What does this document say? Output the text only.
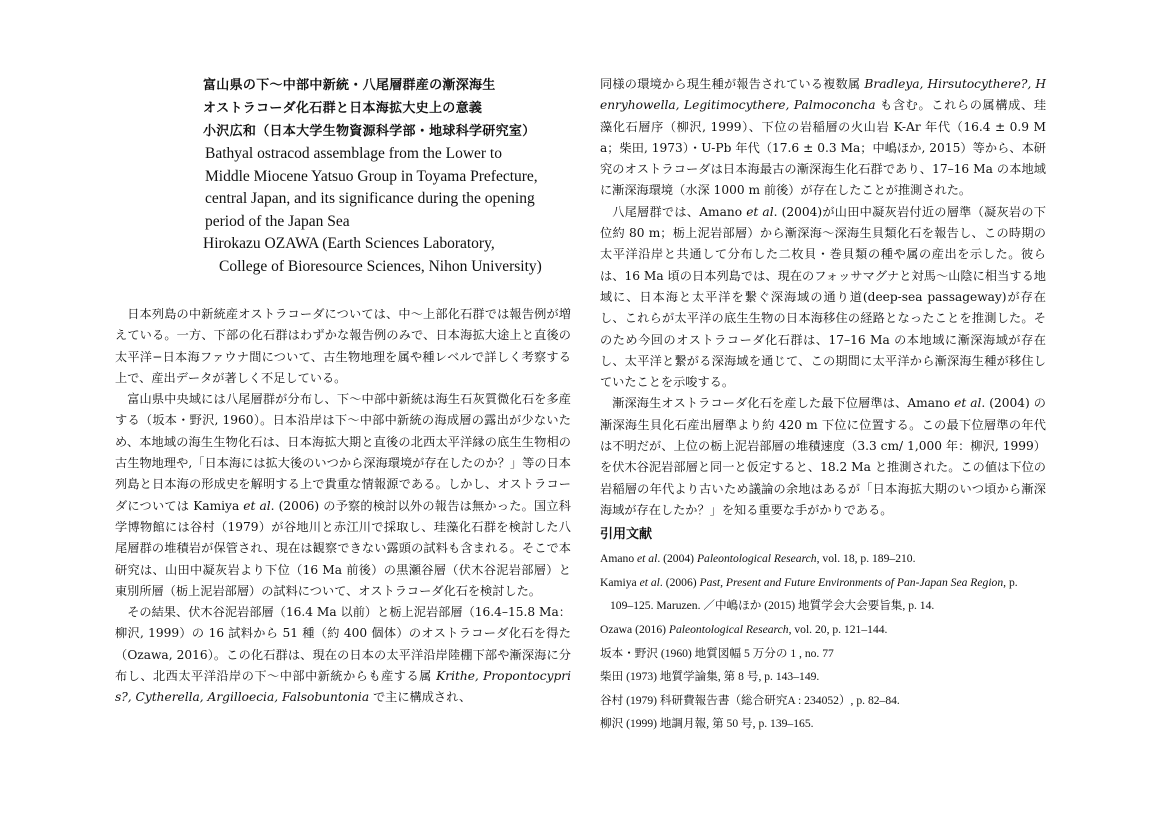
富山県の下〜中部中新統・八尾層群産の漸深海生
オストラコーダ化石群と日本海拡大史上の意義
小沢広和（日本大学生物資源科学部・地球科学研究室）
Bathyal ostracod assemblage from the Lower to
Middle Miocene Yatsuo Group in Toyama Prefecture,
central Japan, and its significance during the opening
period of the Japan Sea
Hirokazu OZAWA (Earth Sciences Laboratory,
College of Bioresource Sciences, Nihon University)

日本列島の中新統産オストラコーダについては、中〜上部化石群では報告例が増えている。一方、下部の化石群はわずかな報告例のみで、日本海拡大途上と直後の太平洋−日本海ファウナ間について、古生物地理を属や種レベルで詳しく考察する上で、産出データが著しく不足している。

富山県中央域には八尾層群が分布し、下〜中部中新統は海生石灰質微化石を多産する（坂本・野沢, 1960）。日本沿岸は下〜中部中新統の海成層の露出が少ないため、本地域の海生生物化石は、日本海拡大期と直後の北西太平洋縁の底生生物相の古生物地理や,「日本海には拡大後のいつから深海環境が存在したのか？」等の日本列島と日本海の形成史を解明する上で貴重な情報源である。しかし、オストラコーダについては Kamiya et al. (2006) の予察的検討以外の報告は無かった。国立科学博物館には谷村（1979）が谷地川と赤江川で採取し、珪藻化石群を検討した八尾層群の堆積岩が保管され、現在は観察できない露頭の試料も含まれる。そこで本研究は、山田中凝灰岩より下位（16 Ma 前後）の黒瀬谷層（伏木谷泥岩部層）と東別所層（栃上泥岩部層）の試料について、オストラコーダ化石を検討した。

その結果、伏木谷泥岩部層（16.4 Ma 以前）と栃上泥岩部層（16.4–15.8 Ma：柳沢, 1999）の 16 試料から 51 種（約 400 個体）のオストラコーダ化石を得た（Ozawa, 2016）。この化石群は、現在の日本の太平洋沿岸陸棚下部や漸深海に分布し、北西太平洋沿岸の下〜中部中新統からも産する属 Krithe, Propontocypris?, Cytherella, Argilloecia, Falsobuntonia で主に構成され、

同様の環境から現生種が報告されている複数属 Bradleya, Hirsutocythere?, Henryhowella, Legitimocythere, Palmoconcha も含む。これらの属構成、珪藻化石層序（柳沢, 1999）、下位の岩稲層の火山岩 K-Ar 年代（16.4 ± 0.9 Ma；柴田, 1973）・U-Pb 年代（17.6 ± 0.3 Ma；中嶋ほか, 2015）等から、本研究のオストラコーダは日本海最古の漸深海生化石群であり、17–16 Ma の本地域に漸深海環境（水深 1000 m 前後）が存在したことが推測された。

八尾層群では、Amano et al. (2004)が山田中凝灰岩付近の層準（凝灰岩の下位約 80 m；栃上泥岩部層）から漸深海〜深海生貝類化石を報告し、この時期の太平洋沿岸と共通して分布した二枚貝・巻貝類の種や属の産出を示した。彼らは、16 Ma 頃の日本列島では、現在のフォッサマグナと対馬〜山陰に相当する地域に、日本海と太平洋を繋ぐ深海域の通り道(deep-sea passageway)が存在し、これらが太平洋の底生生物の日本海移住の経路となったことを推測した。そのため今回のオストラコーダ化石群は、17–16 Ma の本地域に漸深海域が存在し、太平洋と繋がる深海域を通じて、この期間に太平洋から漸深海生種が移住していたことを示唆する。

漸深海生オストラコーダ化石を産した最下位層準は、Amano et al. (2004) の漸深海生貝化石産出層準より約 420 m 下位に位置する。この最下位層準の年代は不明だが、上位の栃上泥岩部層の堆積速度（3.3 cm/ 1,000 年：柳沢, 1999）を伏木谷泥岩部層と同一と仮定すると、18.2 Ma と推測された。この値は下位の岩稲層の年代より古いため議論の余地はあるが「日本海拡大期のいつ頃から漸深海域が存在したか？」を知る重要な手がかりである。

引用文献

Amano et al. (2004) Paleontological Research, vol. 18, p. 189–210.

Kamiya et al. (2006) Past, Present and Future Environments of Pan-Japan Sea Region, p.

109–125. Maruzen. ／中嶋ほか (2015) 地質学会大会要旨集, p. 14.

Ozawa (2016) Paleontological Research, vol. 20, p. 121–144.

坂本・野沢 (1960) 地質図幅 5 万分の 1 , no. 77

柴田 (1973) 地質学論集, 第 8 号, p. 143–149.

谷村 (1979) 科研費報告書（総合研究A : 234052）, p. 82–84.

柳沢 (1999) 地調月報, 第 50 号, p. 139–165.
